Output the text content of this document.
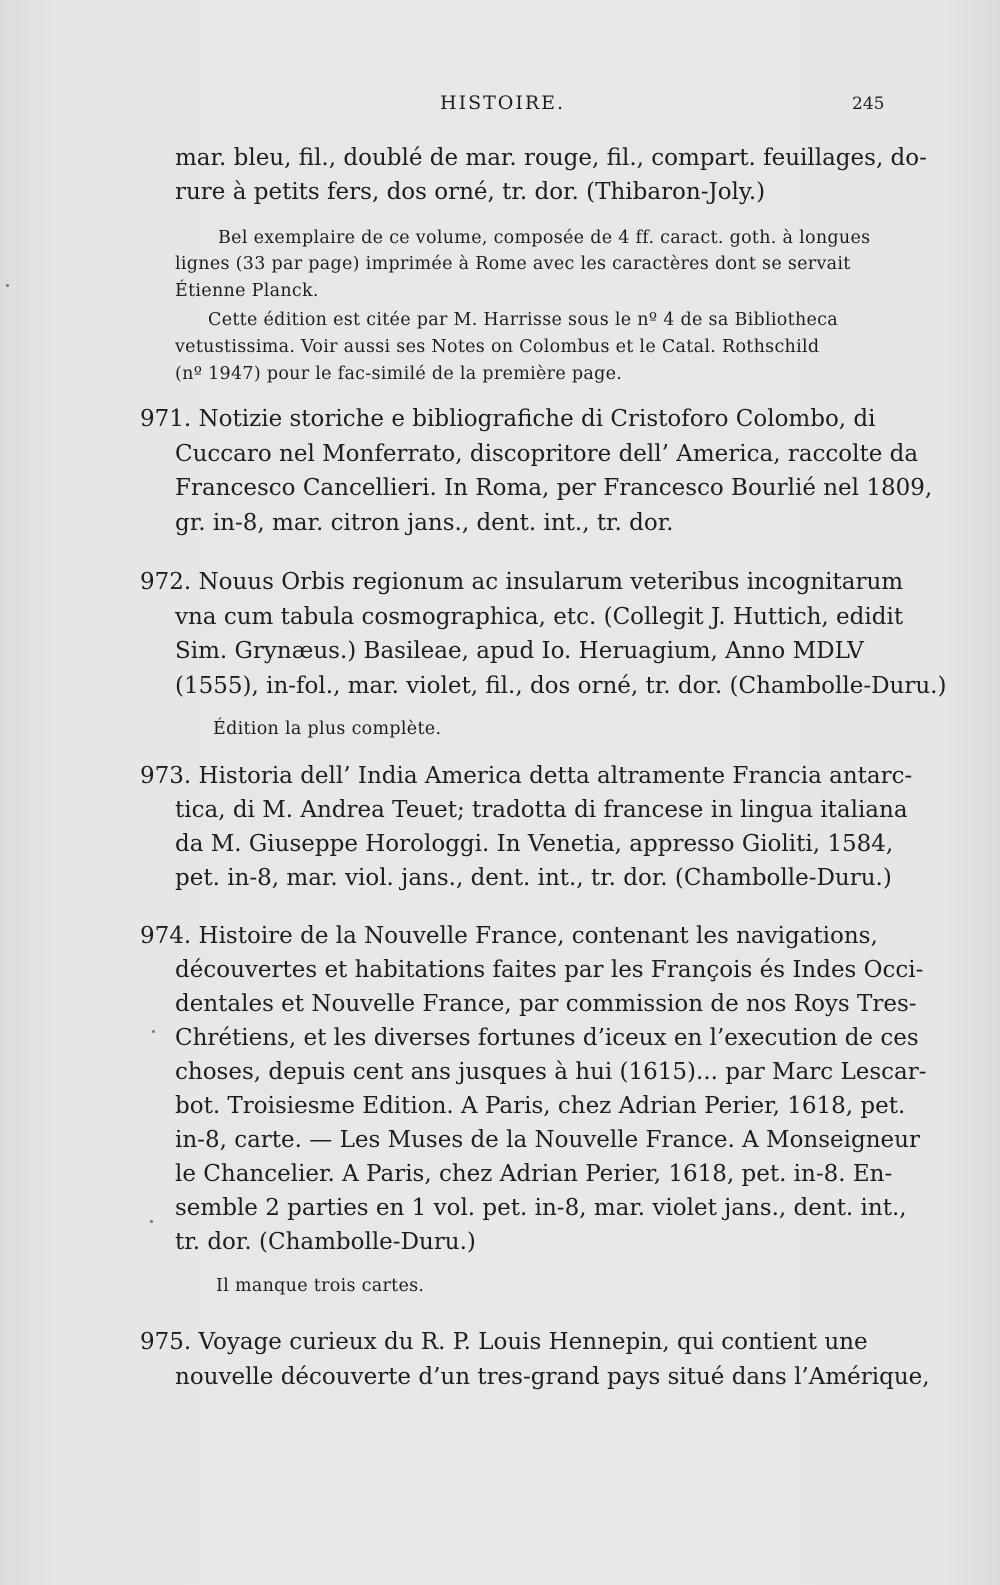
HISTOIRE.	245
mar. bleu, fil., doublé de mar. rouge, fil., compart. feuillages, do-
rure à petits fers, dos orné, tr. dor. (Thibaron-Joly.)
Bel exemplaire de ce volume, composée de 4 ff. caract. goth. à longues
lignes (33 par page) imprimée à Rome avec les caractères dont se servait
Étienne Planck.
Cette édition est citée par M. Harrisse sous le nº 4 de sa Bibliotheca
vetustissima. Voir aussi ses Notes on Colombus et le Catal. Rothschild
(nº 1947) pour le fac-similé de la première page.
971. Notizie storiche e bibliografiche di Cristoforo Colombo, di
Cuccaro nel Monferrato, discopritore dell’ America, raccolte da
Francesco Cancellieri. In Roma, per Francesco Bourlié nel 1809,
gr. in-8, mar. citron jans., dent. int., tr. dor.
972. Nouus Orbis regionum ac insularum veteribus incognitarum
vna cum tabula cosmographica, etc. (Collegit J. Huttich, edidit
Sim. Grynæus.) Basileae, apud Io. Heruagium, Anno MDLV
(1555), in-fol., mar. violet, fil., dos orné, tr. dor. (Chambolle-Duru.)
Édition la plus complète.
973. Historia dell’ India America detta altramente Francia antarc-
tica, di M. Andrea Teuet; tradotta di francese in lingua italiana
da M. Giuseppe Horologgi. In Venetia, appresso Gioliti, 1584,
pet. in-8, mar. viol. jans., dent. int., tr. dor. (Chambolle-Duru.)
974. Histoire de la Nouvelle France, contenant les navigations,
découvertes et habitations faites par les François és Indes Occi-
dentales et Nouvelle France, par commission de nos Roys Tres-
Chrétiens, et les diverses fortunes d’iceux en l’execution de ces
choses, depuis cent ans jusques à hui (1615)... par Marc Lescar-
bot. Troisiesme Edition. A Paris, chez Adrian Perier, 1618, pet.
in-8, carte. — Les Muses de la Nouvelle France. A Monseigneur
le Chancelier. A Paris, chez Adrian Perier, 1618, pet. in-8. En-
semble 2 parties en 1 vol. pet. in-8, mar. violet jans., dent. int.,
tr. dor. (Chambolle-Duru.)
Il manque trois cartes.
975. Voyage curieux du R. P. Louis Hennepin, qui contient une
nouvelle découverte d’un tres-grand pays situé dans l’Amérique,
